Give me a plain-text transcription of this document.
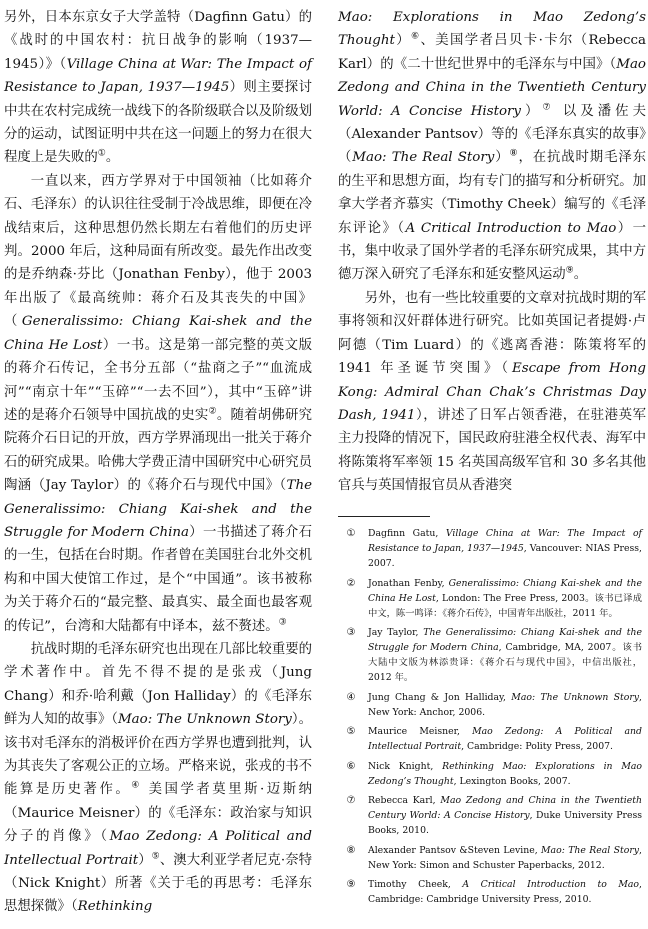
另外，日本东京女子大学盖特（Dagfinn Gatu）的《战时的中国农村：抗日战争的影响（1937—1945）》（Village China at War: The Impact of Resistance to Japan, 1937—1945）则主要探讨中共在农村完成统一战线下的各阶级联合以及阶级划分的运动，试图证明中共在这一问题上的努力在很大程度上是失败的①。

一直以来，西方学界对于中国领袖（比如蒋介石、毛泽东）的认识往往受制于冷战思维，即便在冷战结束后，这种思想仍然长期左右着他们的历史评判。2000 年后，这种局面有所改变。最先作出改变的是乔纳森·芬比（Jonathan Fenby），他于 2003 年出版了《最高统帅：蒋介石及其丧失的中国》（Generalissimo: Chiang Kai-shek and the China He Lost）一书。这是第一部完整的英文版的蒋介石传记，全书分五部（“盐商之子”“血流成河”“南京十年”“玉碎”“一去不回”），其中“玉碎”讲述的是蒋介石领导中国抗战的史实②。随着胡佛研究院蒋介石日记的开放，西方学界涌现出一批关于蒋介石的研究成果。哈佛大学费正清中国研究中心研究员陶涵（Jay Taylor）的《蒋介石与现代中国》（The Generalissimo: Chiang Kai-shek and the Struggle for Modern China）一书描述了蒋介石的一生，包括在台时期。作者曾在美国驻台北外交机构和中国大使馆工作过，是个“中国通”。该书被称为关于蒋介石的“最完整、最真实、最全面也最客观的传记”，台湾和大陆都有中译本，兹不赘述。③

抗战时期的毛泽东研究也出现在几部比较重要的学术著作中。首先不得不提的是张戎（Jung Chang）和乔·哈利戴（Jon Halliday）的《毛泽东鲜为人知的故事》（Mao: The Unknown Story）。该书对毛泽东的消极评价在西方学界也遭到批判，认为其丧失了客观公正的立场。严格来说，张戎的书不能算是历史著作。④ 美国学者莫里斯·迈斯纳（Maurice Meisner）的《毛泽东：政治家与知识分子的肖像》（Mao Zedong: A Political and Intellectual Portrait）⑤、澳大利亚学者尼克·奈特（Nick Knight）所著《关于毛的再思考：毛泽东思想探微》（Rethinking

Mao: Explorations in Mao Zedong’s Thought）⑥、美国学者吕贝卡·卡尔（Rebecca Karl）的《二十世纪世界中的毛泽东与中国》（Mao Zedong and China in the Twentieth Century World: A Concise History）⑦ 以及潘佐夫（Alexander Pantsov）等的《毛泽东真实的故事》（Mao: The Real Story）⑧，在抗战时期毛泽东的生平和思想方面，均有专门的描写和分析研究。加拿大学者齐慕实（Timothy Cheek）编写的《毛泽东评论》（A Critical Introduction to Mao）一书，集中收录了国外学者的毛泽东研究成果，其中方德万深入研究了毛泽东和延安整风运动⑨。

另外，也有一些比较重要的文章对抗战时期的军事将领和汉奸群体进行研究。比如英国记者提姆·卢阿德（Tim Luard）的《逃离香港：陈策将军的 1941 年圣诞节突围》（Escape from Hong Kong: Admiral Chan Chak’s Christmas Day Dash, 1941），讲述了日军占领香港，在驻港英军主力投降的情况下，国民政府驻港全权代表、海军中将陈策将军率领 15 名英国高级军官和 30 多名其他官兵与英国情报官员从香港突

①	Dagfinn Gatu, Village China at War: The Impact of Resistance to Japan, 1937—1945, Vancouver: NIAS Press, 2007.
②	Jonathan Fenby, Generalissimo: Chiang Kai-shek and the China He Lost, London: The Free Press, 2003。该书已译成中文，陈一鸣译：《蒋介石传》，中国青年出版社，2011 年。
③	Jay Taylor, The Generalissimo: Chiang Kai-shek and the Struggle for Modern China, Cambridge, MA, 2007。该书大陆中文版为林添贵译：《蒋介石与现代中国》，中信出版社，2012 年。
④	Jung Chang & Jon Halliday, Mao: The Unknown Story, New York: Anchor, 2006.
⑤	Maurice Meisner, Mao Zedong: A Political and Intellectual Portrait, Cambridge: Polity Press, 2007.
⑥	Nick Knight, Rethinking Mao: Explorations in Mao Zedong’s Thought, Lexington Books, 2007.
⑦	Rebecca Karl, Mao Zedong and China in the Twentieth Century World: A Concise History, Duke University Press Books, 2010.
⑧	Alexander Pantsov &Steven Levine, Mao: The Real Story, New York: Simon and Schuster Paperbacks, 2012.
⑨	Timothy Cheek, A Critical Introduction to Mao, Cambridge: Cambridge University Press, 2010.
